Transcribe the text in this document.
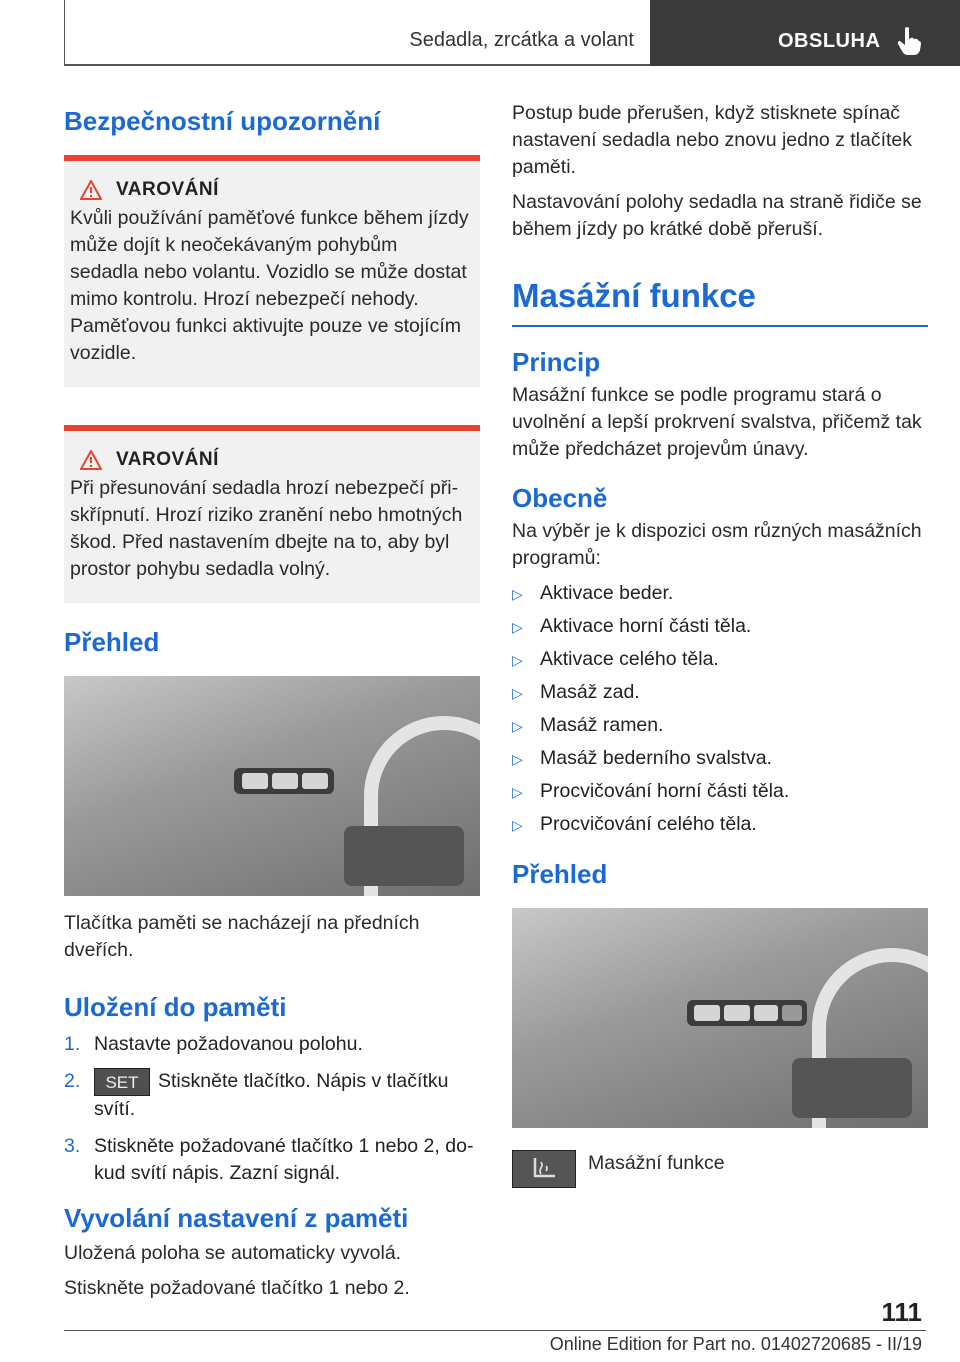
Sedadla, zrcátka a volant	OBSLUHA
Bezpečnostní upozornění
VAROVÁNÍ

Kvůli používání paměťové funkce během jízdy může dojít k neočekávaným pohybům sedadla nebo volantu. Vozidlo se může dostat mimo kontrolu. Hrozí nebezpečí nehody. Paměťovou funkci aktivujte pouze ve stojícím vozidle.

VAROVÁNÍ

Při přesunování sedadla hrozí nebezpečí přiskřípnutí. Hrozí riziko zranění nebo hmotných škod. Před nastavením dbejte na to, aby byl prostor pohybu sedadla volný.

Přehled

Tlačítka paměti se nacházejí na předních dveřích.

Uložení do paměti
1. Nastavte požadovanou polohu.
2.	SET Stiskněte tlačítko. Nápis v tlačítku svítí.
3. Stiskněte požadované tlačítko 1 nebo 2, dokud svítí nápis. Zazní signál.
Vyvolání nastavení z paměti

Uložená poloha se automaticky vyvolá.

Stiskněte požadované tlačítko 1 nebo 2.

Postup bude přerušen, když stisknete spínač nastavení sedadla nebo znovu jedno z tlačítek paměti.

Nastavování polohy sedadla na straně řidiče se během jízdy po krátké době přeruší.

Masážní funkce
Princip

Masážní funkce se podle programu stará o uvolnění a lepší prokrvení svalstva, přičemž tak může předcházet projevům únavy.

Obecně

Na výběr je k dispozici osm různých masážních programů:

▷ Aktivace beder.
▷ Aktivace horní části těla.
▷ Aktivace celého těla.
▷ Masáž zad.
▷ Masáž ramen.
▷ Masáž bederního svalstva.
▷ Procvičování horní části těla.
▷ Procvičování celého těla.
Přehled
Masážní funkce
111
Online Edition for Part no. 01402720685 - II/19
